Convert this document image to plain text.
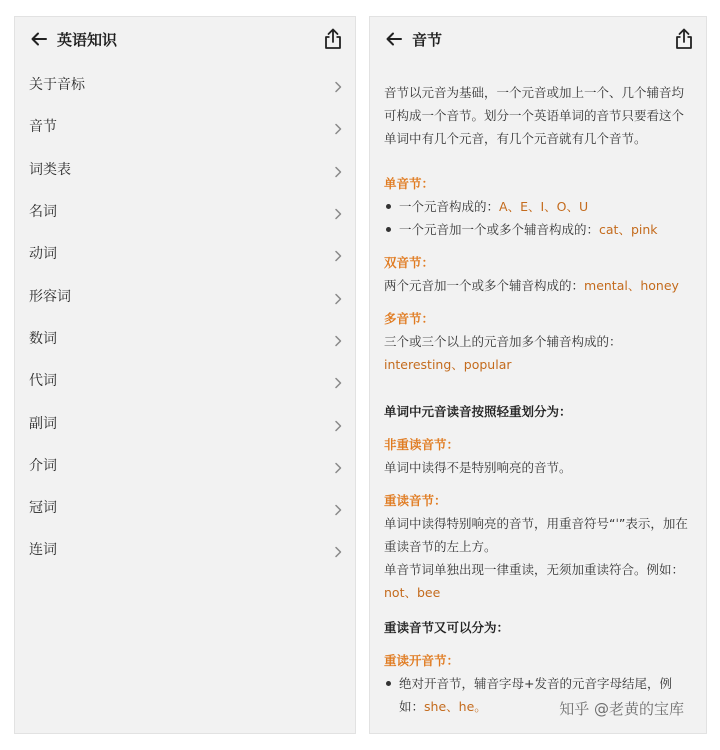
英语知识
关于音标
音节
词类表
名词
动词
形容词
数词
代词
副词
介词
冠词
连词
音节

音节以元音为基础，一个元音或加上一个、几个辅音均可构成一个音节。划分一个英语单词的音节只要看这个单词中有几个元音，有几个元音就有几个音节。

单音节：
一个元音构成的：A、E、I、O、U
一个元音加一个或多个辅音构成的：cat、pink
双音节：
两个元音加一个或多个辅音构成的：mental、honey
多音节：
三个或三个以上的元音加多个辅音构成的：
interesting、popular
单词中元音读音按照轻重划分为：
非重读音节：
单词中读得不是特别响亮的音节。
重读音节：
单词中读得特别响亮的音节，用重音符号“ˈ”表示，加在重读音节的左上方。
单音节词单独出现一律重读，无须加重读符合。例如：not、bee
重读音节又可以分为：
重读开音节：
绝对开音节，辅音字母+发音的元音字母结尾，例如：she、he。	知乎 @老黄的宝库
